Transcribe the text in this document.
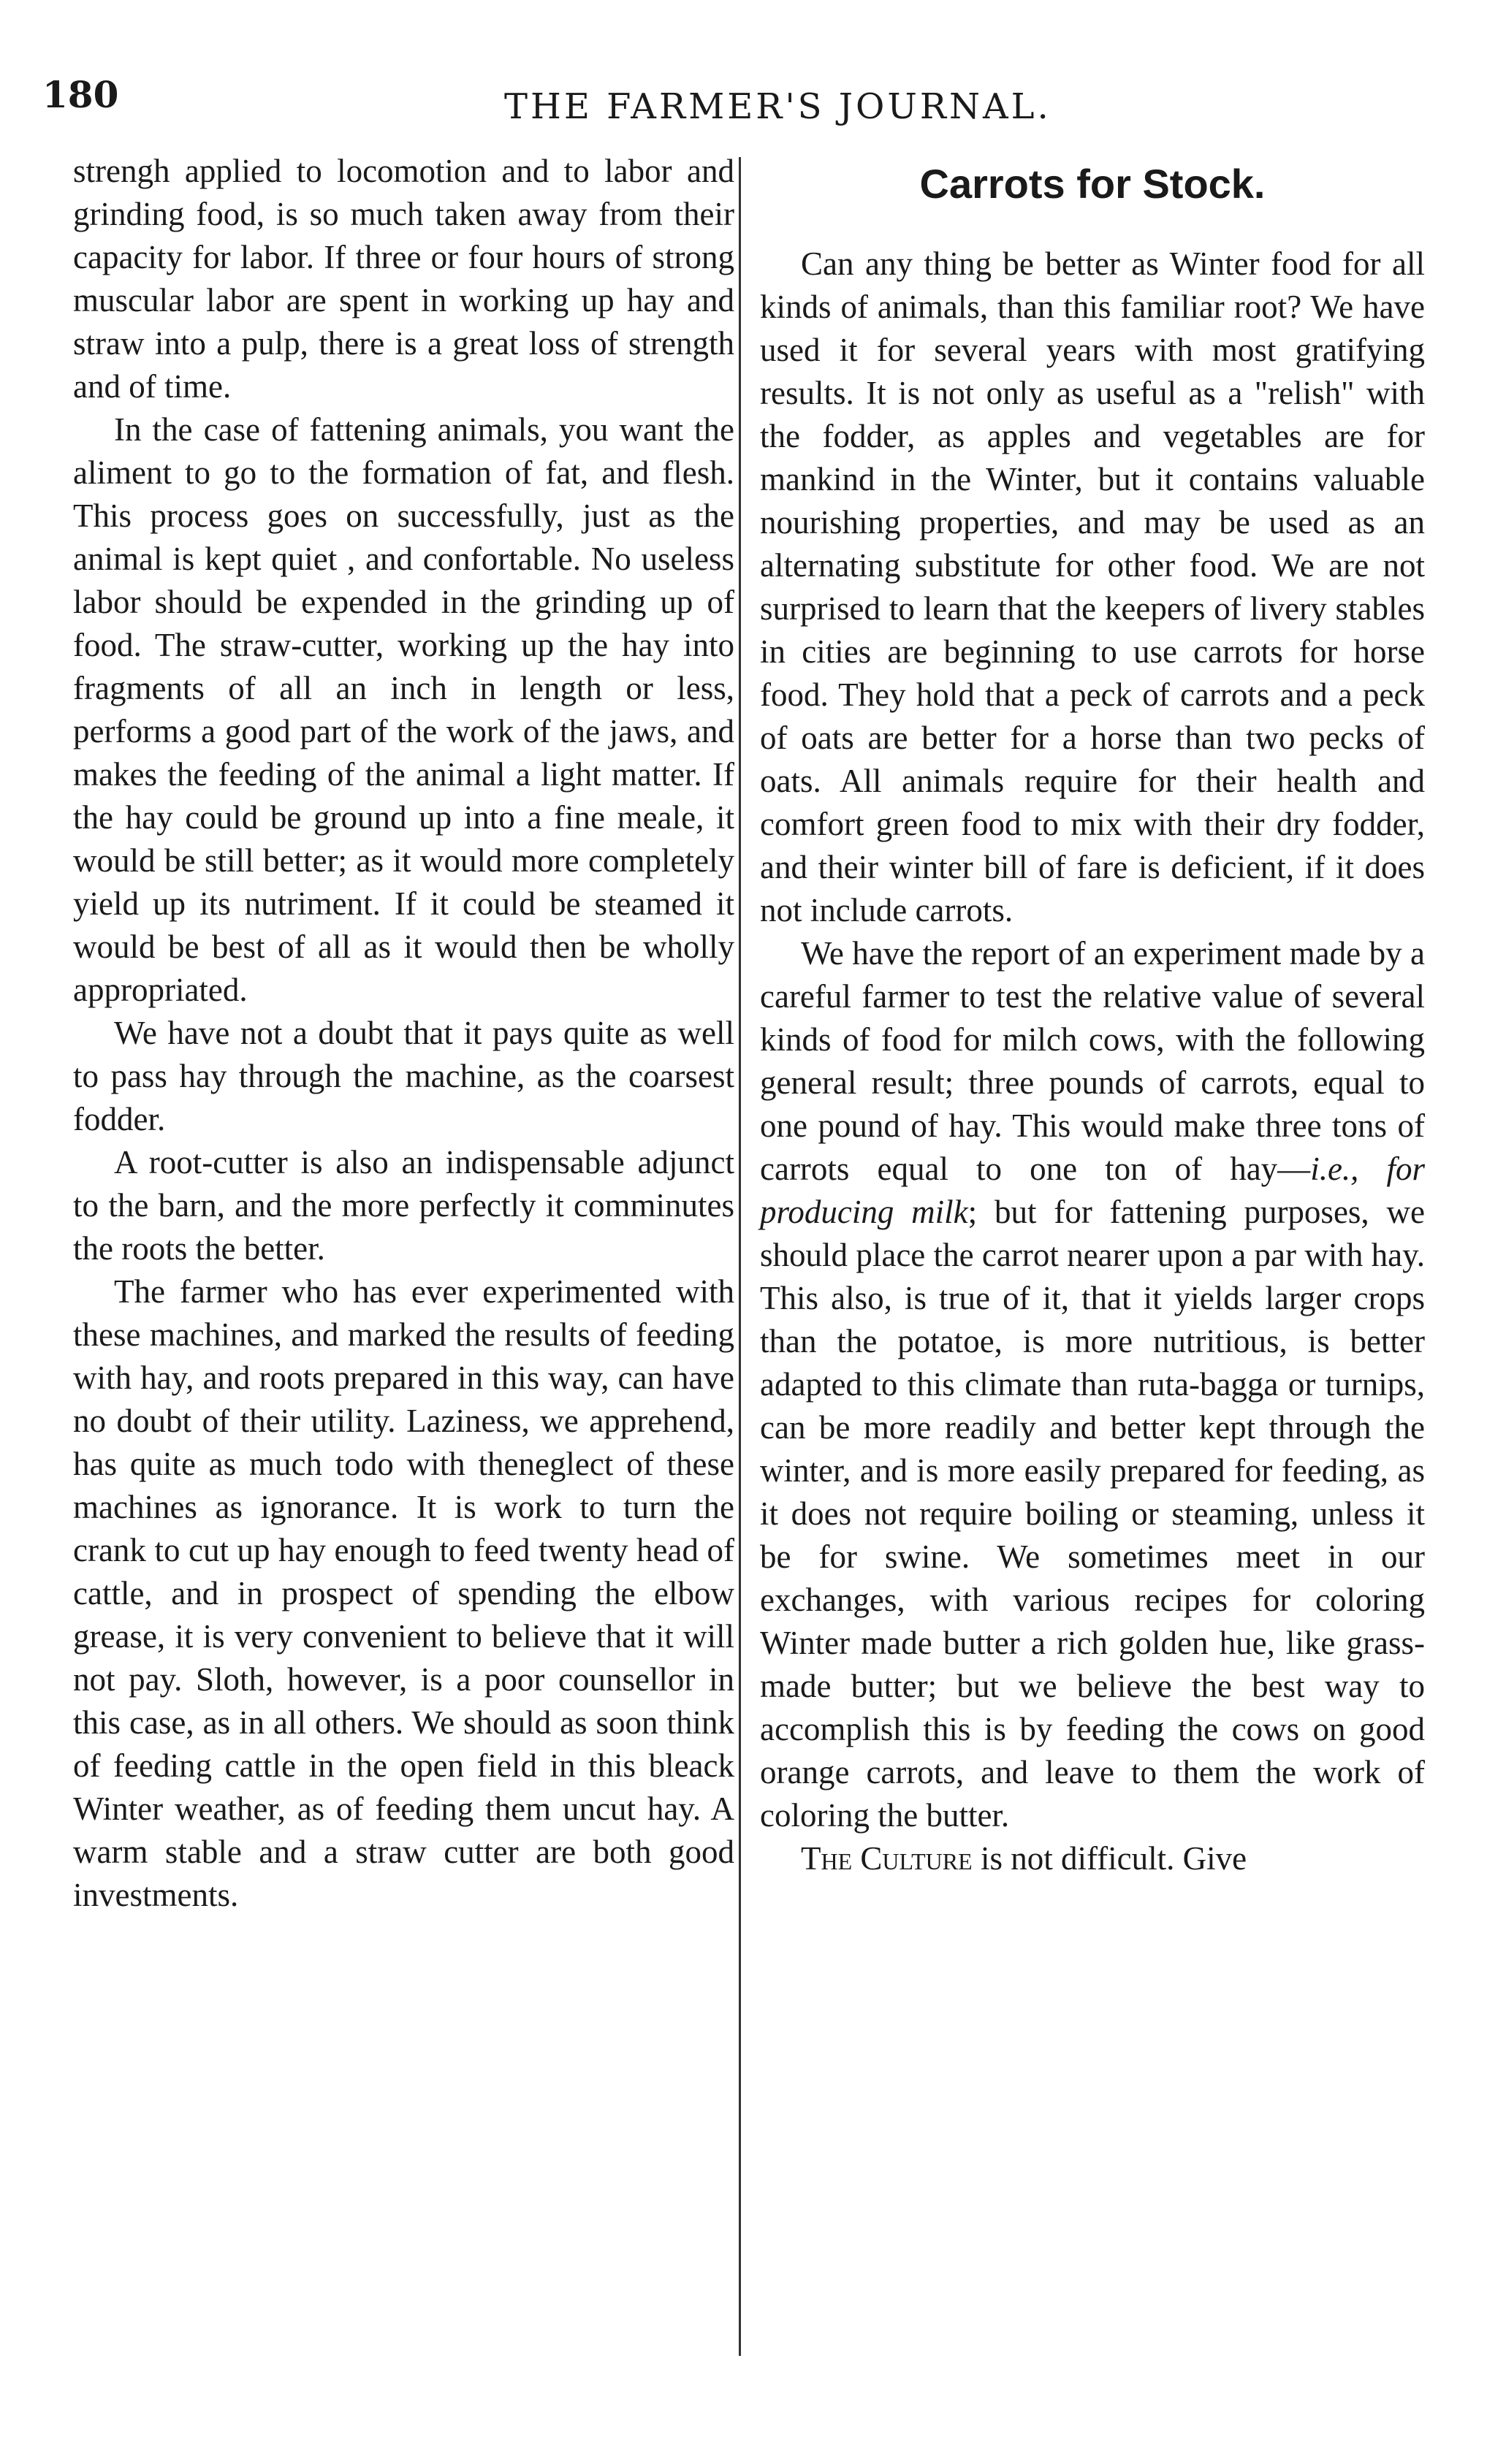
180	THE FARMER'S JOURNAL.

strengh applied to locomotion and to labor and grinding food, is so much taken away from their capacity for labor. If three or four hours of strong muscular labor are spent in working up hay and straw into a pulp, there is a great loss of strength and of time.

In the case of fattening animals, you want the aliment to go to the formation of fat, and flesh. This process goes on successfully, just as the animal is kept quiet , and confortable. No useless labor should be expended in the grinding up of food. The straw-cutter, working up the hay into fragments of all an inch in length or less, performs a good part of the work of the jaws, and makes the feeding of the animal a light matter. If the hay could be ground up into a fine meale, it would be still better; as it would more completely yield up its nutriment. If it could be steamed it would be best of all as it would then be wholly appropriated.

We have not a doubt that it pays quite as well to pass hay through the machine, as the coarsest fodder.

A root-cutter is also an indispensable adjunct to the barn, and the more perfectly it comminutes the roots the better.

The farmer who has ever experimented with these machines, and marked the results of feeding with hay, and roots prepared in this way, can have no doubt of their utility. Laziness, we apprehend, has quite as much todo with theneglect of these machines as ignorance. It is work to turn the crank to cut up hay enough to feed twenty head of cattle, and in prospect of spending the elbow grease, it is very convenient to believe that it will not pay. Sloth, however, is a poor counsellor in this case, as in all others. We should as soon think of feeding cattle in the open field in this bleack Winter weather, as of feeding them uncut hay. A warm stable and a straw cutter are both good investments.

Carrots for Stock.

Can any thing be better as Winter food for all kinds of animals, than this familiar root? We have used it for several years with most gratifying results. It is not only as useful as a "relish" with the fodder, as apples and vegetables are for mankind in the Winter, but it contains valuable nourishing properties, and may be used as an alternating substitute for other food. We are not surprised to learn that the keepers of livery stables in cities are beginning to use carrots for horse food. They hold that a peck of carrots and a peck of oats are better for a horse than two pecks of oats. All animals require for their health and comfort green food to mix with their dry fodder, and their winter bill of fare is deficient, if it does not include carrots.

We have the report of an experiment made by a careful farmer to test the relative value of several kinds of food for milch cows, with the following general result; three pounds of carrots, equal to one pound of hay. This would make three tons of carrots equal to one ton of hay—i.e., for producing milk; but for fattening purposes, we should place the carrot nearer upon a par with hay. This also, is true of it, that it yields larger crops than the potatoe, is more nutritious, is better adapted to this climate than ruta-bagga or turnips, can be more readily and better kept through the winter, and is more easily prepared for feeding, as it does not require boiling or steaming, unless it be for swine. We sometimes meet in our exchanges, with various recipes for coloring Winter made butter a rich golden hue, like grass-made butter; but we believe the best way to accomplish this is by feeding the cows on good orange carrots, and leave to them the work of coloring the butter.

The Culture is not difficult. Give
